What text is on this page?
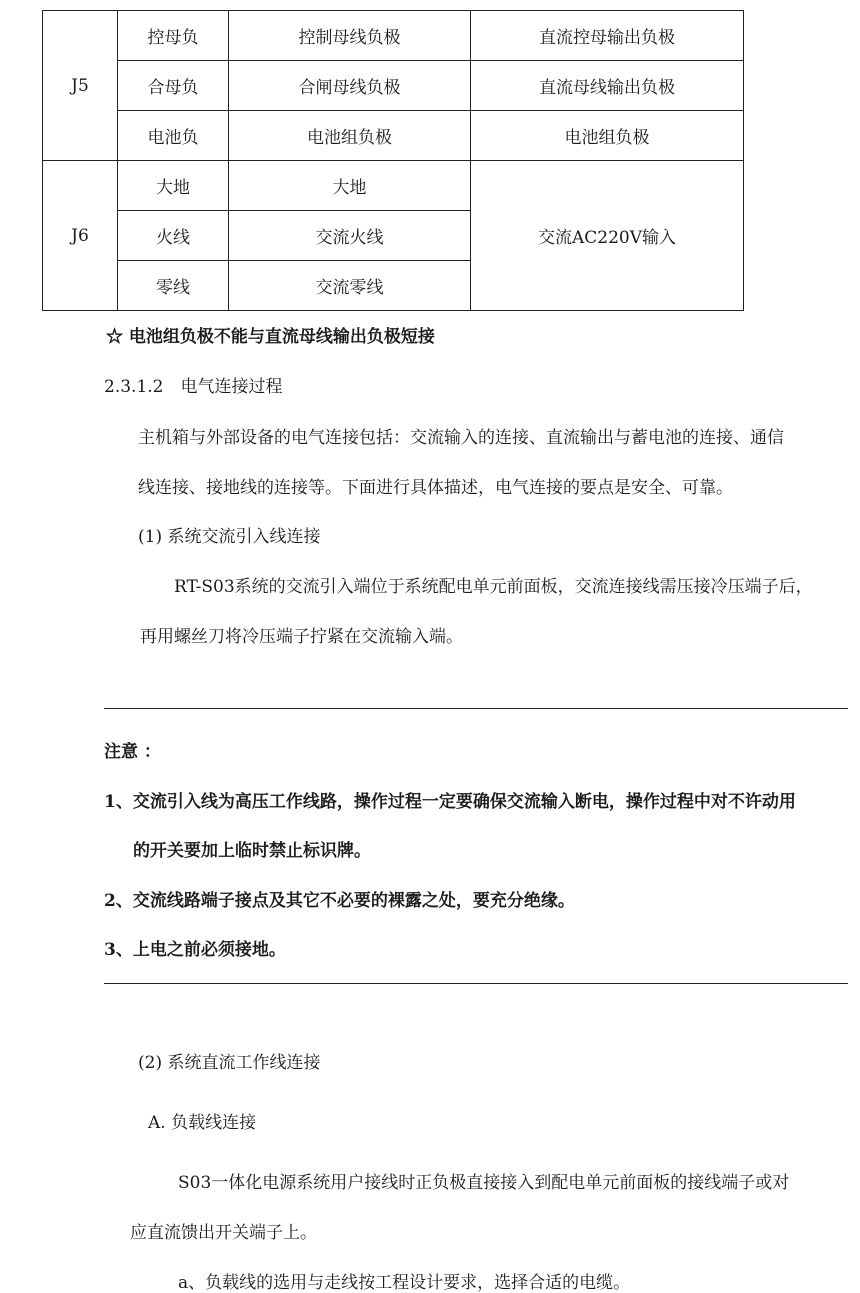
J5	控母负	控制母线负极	直流控母输出负极
	合母负	合闸母线负极	直流母线输出负极
	电池负	电池组负极	电池组负极
J6	大地	大地	交流AC220V输入
	火线	交流火线	
	零线	交流零线	
☆ 电池组负极不能与直流母线输出负极短接
2.3.1.2　电气连接过程
主机箱与外部设备的电气连接包括：交流输入的连接、直流输出与蓄电池的连接、通信
线连接、接地线的连接等。下面进行具体描述，电气连接的要点是安全、可靠。
(1) 系统交流引入线连接
RT-S03系统的交流引入端位于系统配电单元前面板，交流连接线需压接冷压端子后，
再用螺丝刀将冷压端子拧紧在交流输入端。
注意 ：
1、交流引入线为高压工作线路，操作过程一定要确保交流输入断电，操作过程中对不许动用
的开关要加上临时禁止标识牌。
2、交流线路端子接点及其它不必要的裸露之处，要充分绝缘。
3、上电之前必须接地。
(2) 系统直流工作线连接
A. 负载线连接
S03一体化电源系统用户接线时正负极直接接入到配电单元前面板的接线端子或对
应直流馈出开关端子上。
a、负载线的选用与走线按工程设计要求，选择合适的电缆。
